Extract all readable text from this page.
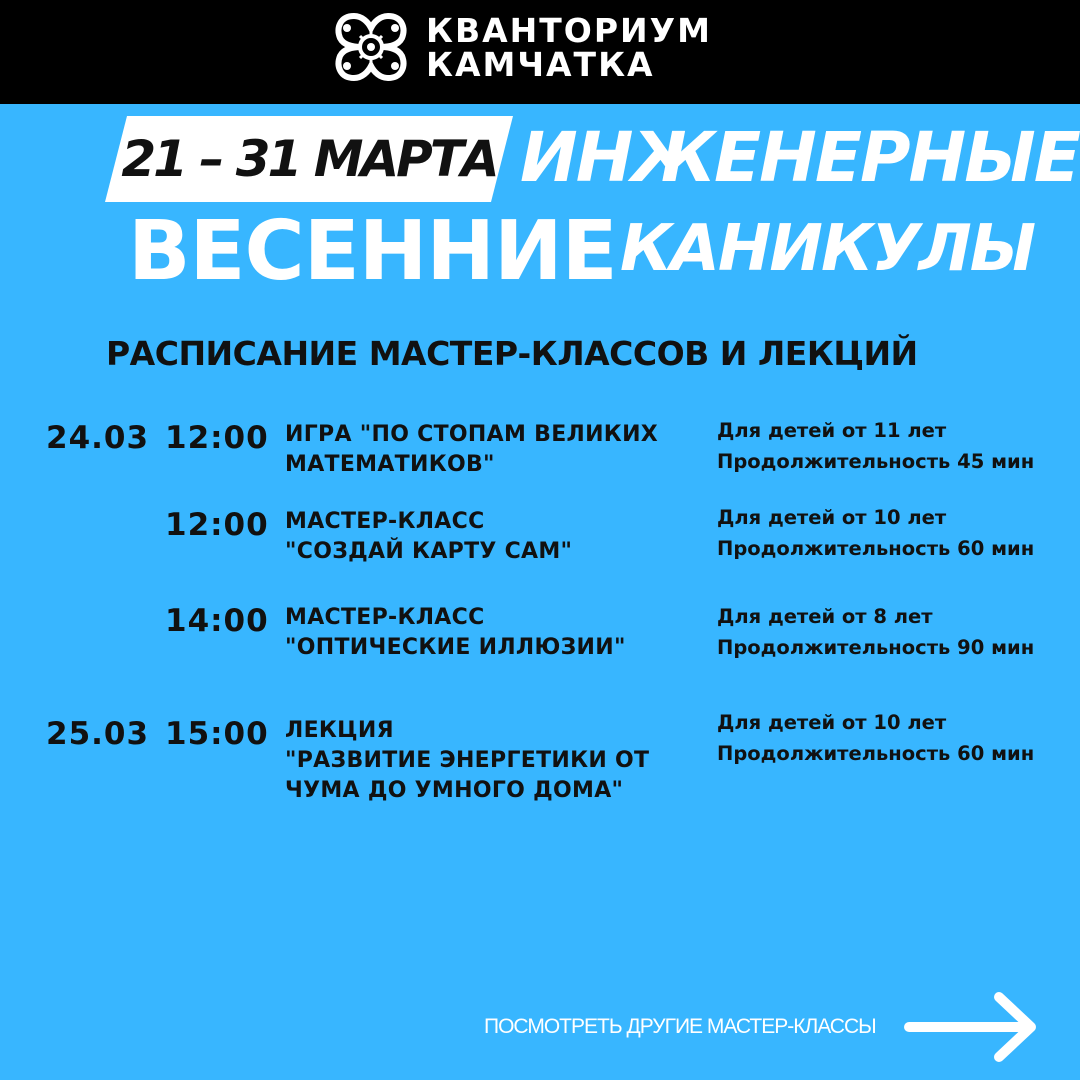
КВАНТОРИУМ
КАМЧАТКА
21 – 31 МАРТА ИНЖЕНЕРНЫЕ
ВЕСЕННИЕ КАНИКУЛЫ
РАСПИСАНИЕ МАСТЕР-КЛАССОВ И ЛЕКЦИЙ
24.03 12:00 ИГРА "ПО СТОПАМ ВЕЛИКИХ
МАТЕМАТИКОВ"
Для детей от 11 лет
Продолжительность 45 мин
12:00 МАСТЕР-КЛАСС
"СОЗДАЙ КАРТУ САМ"
Для детей от 10 лет
Продолжительность 60 мин
14:00 МАСТЕР-КЛАСС
"ОПТИЧЕСКИЕ ИЛЛЮЗИИ"
Для детей от 8 лет
Продолжительность 90 мин
25.03 15:00 ЛЕКЦИЯ
"РАЗВИТИЕ ЭНЕРГЕТИКИ ОТ
ЧУМА ДО УМНОГО ДОМА"
Для детей от 10 лет
Продолжительность 60 мин
ПОСМОТРЕТЬ ДРУГИЕ МАСТЕР-КЛАССЫ
